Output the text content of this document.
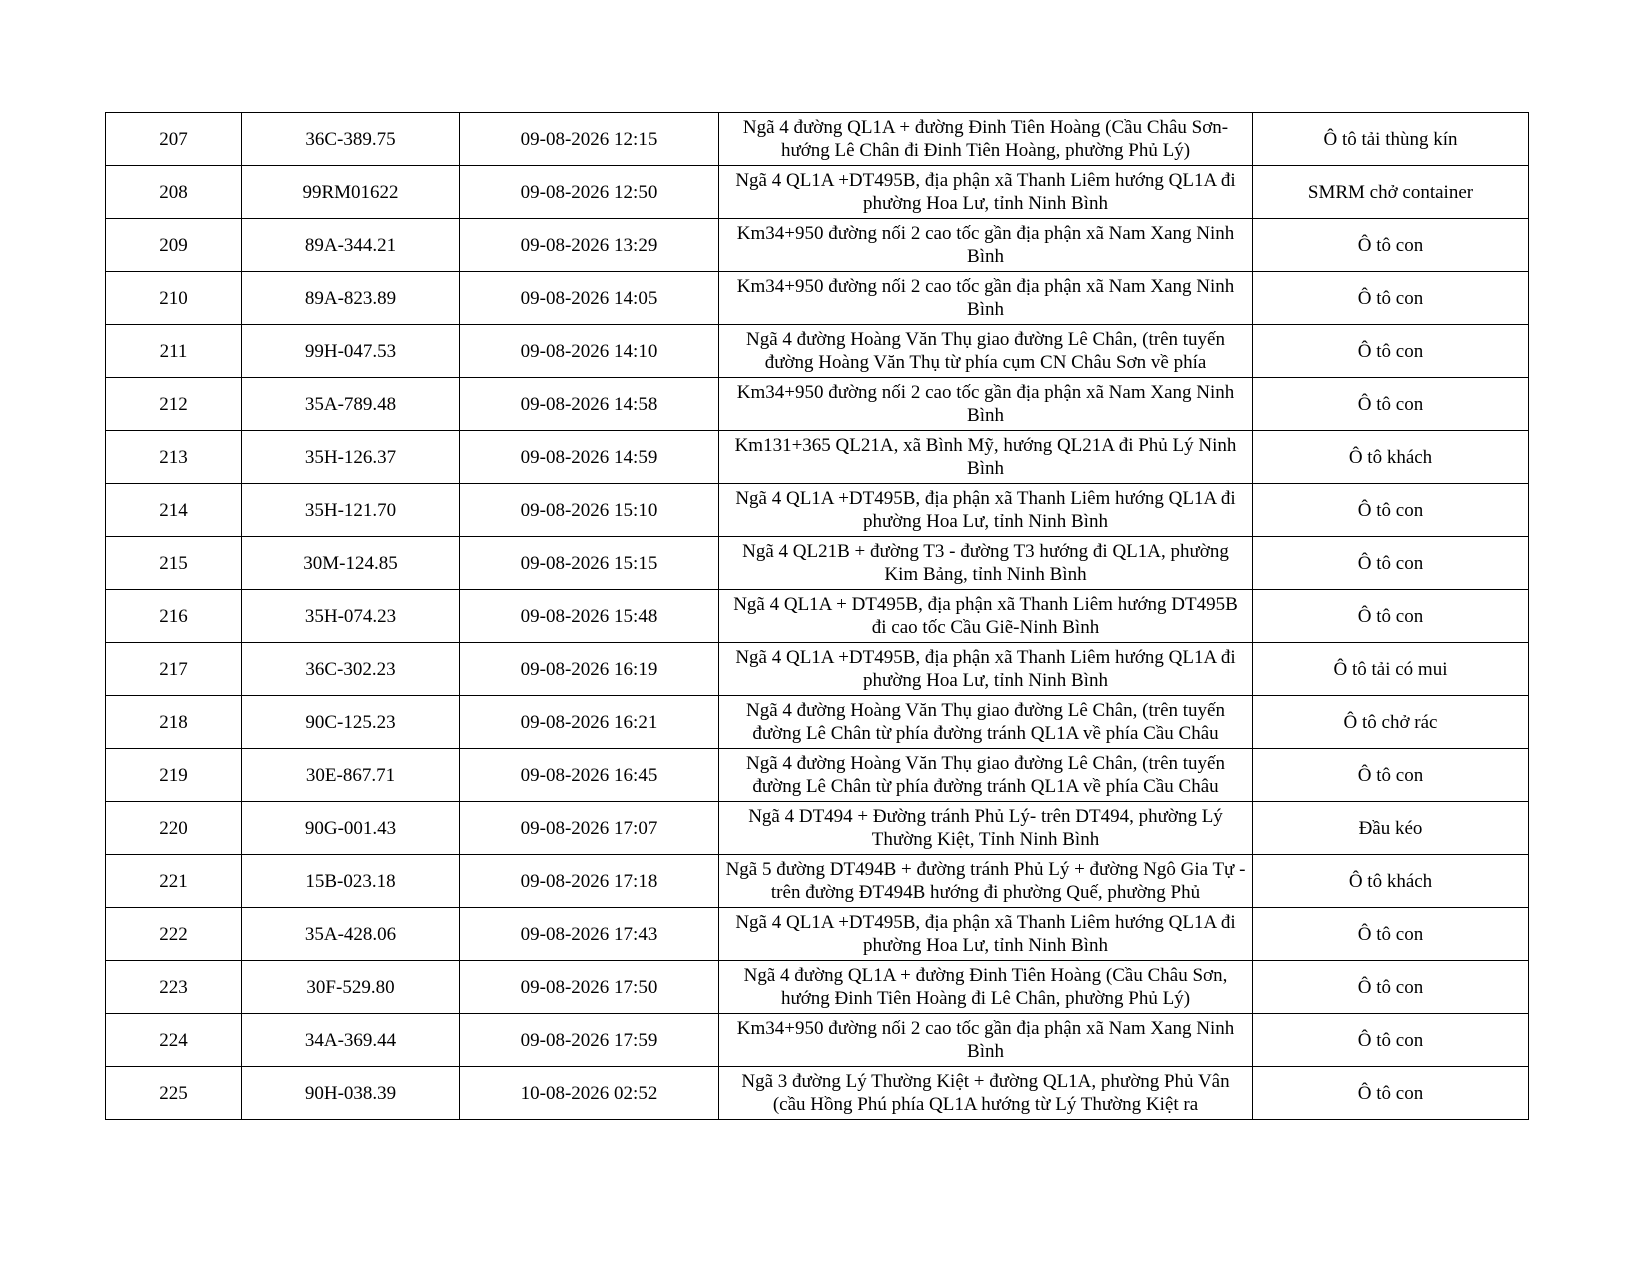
207	36C-389.75	09-08-2026 12:15	Ngã 4 đường QL1A + đường Đinh Tiên Hoàng (Cầu Châu Sơn- hướng Lê Chân đi Đinh Tiên Hoàng, phường Phủ Lý)	Ô tô tải thùng kín
208	99RM01622	09-08-2026 12:50	Ngã 4 QL1A +DT495B, địa phận xã Thanh Liêm hướng QL1A đi phường Hoa Lư, tỉnh Ninh Bình	SMRM chở container
209	89A-344.21	09-08-2026 13:29	Km34+950 đường nối 2 cao tốc gần địa phận xã Nam Xang Ninh Bình	Ô tô con
210	89A-823.89	09-08-2026 14:05	Km34+950 đường nối 2 cao tốc gần địa phận xã Nam Xang Ninh Bình	Ô tô con
211	99H-047.53	09-08-2026 14:10	Ngã 4 đường Hoàng Văn Thụ giao đường Lê Chân, (trên tuyến đường Hoàng Văn Thụ từ phía cụm CN Châu Sơn về phía	Ô tô con
212	35A-789.48	09-08-2026 14:58	Km34+950 đường nối 2 cao tốc gần địa phận xã Nam Xang Ninh Bình	Ô tô con
213	35H-126.37	09-08-2026 14:59	Km131+365 QL21A, xã Bình Mỹ, hướng QL21A đi Phủ Lý Ninh Bình	Ô tô khách
214	35H-121.70	09-08-2026 15:10	Ngã 4 QL1A +DT495B, địa phận xã Thanh Liêm hướng QL1A đi phường Hoa Lư, tỉnh Ninh Bình	Ô tô con
215	30M-124.85	09-08-2026 15:15	Ngã 4 QL21B + đường T3 - đường T3 hướng đi QL1A, phường Kim Bảng, tỉnh Ninh Bình	Ô tô con
216	35H-074.23	09-08-2026 15:48	Ngã 4 QL1A + DT495B, địa phận xã Thanh Liêm hướng DT495B đi cao tốc Cầu Giẽ-Ninh Bình	Ô tô con
217	36C-302.23	09-08-2026 16:19	Ngã 4 QL1A +DT495B, địa phận xã Thanh Liêm hướng QL1A đi phường Hoa Lư, tỉnh Ninh Bình	Ô tô tải có mui
218	90C-125.23	09-08-2026 16:21	Ngã 4 đường Hoàng Văn Thụ giao đường Lê Chân, (trên tuyến đường Lê Chân từ phía đường tránh QL1A về phía Cầu Châu	Ô tô chở rác
219	30E-867.71	09-08-2026 16:45	Ngã 4 đường Hoàng Văn Thụ giao đường Lê Chân, (trên tuyến đường Lê Chân từ phía đường tránh QL1A về phía Cầu Châu	Ô tô con
220	90G-001.43	09-08-2026 17:07	Ngã 4 DT494 + Đường tránh Phủ Lý- trên DT494, phường Lý Thường Kiệt, Tỉnh Ninh Bình	Đầu kéo
221	15B-023.18	09-08-2026 17:18	Ngã 5 đường DT494B + đường tránh Phủ Lý + đường Ngô Gia Tự - trên đường ĐT494B hướng đi phường Quế, phường Phủ	Ô tô khách
222	35A-428.06	09-08-2026 17:43	Ngã 4 QL1A +DT495B, địa phận xã Thanh Liêm hướng QL1A đi phường Hoa Lư, tỉnh Ninh Bình	Ô tô con
223	30F-529.80	09-08-2026 17:50	Ngã 4 đường QL1A + đường Đinh Tiên Hoàng (Cầu Châu Sơn, hướng Đinh Tiên Hoàng đi Lê Chân, phường Phủ Lý)	Ô tô con
224	34A-369.44	09-08-2026 17:59	Km34+950 đường nối 2 cao tốc gần địa phận xã Nam Xang Ninh Bình	Ô tô con
225	90H-038.39	10-08-2026 02:52	Ngã 3 đường Lý Thường Kiệt + đường QL1A, phường Phủ Vân (cầu Hồng Phú phía QL1A hướng từ Lý Thường Kiệt ra	Ô tô con
